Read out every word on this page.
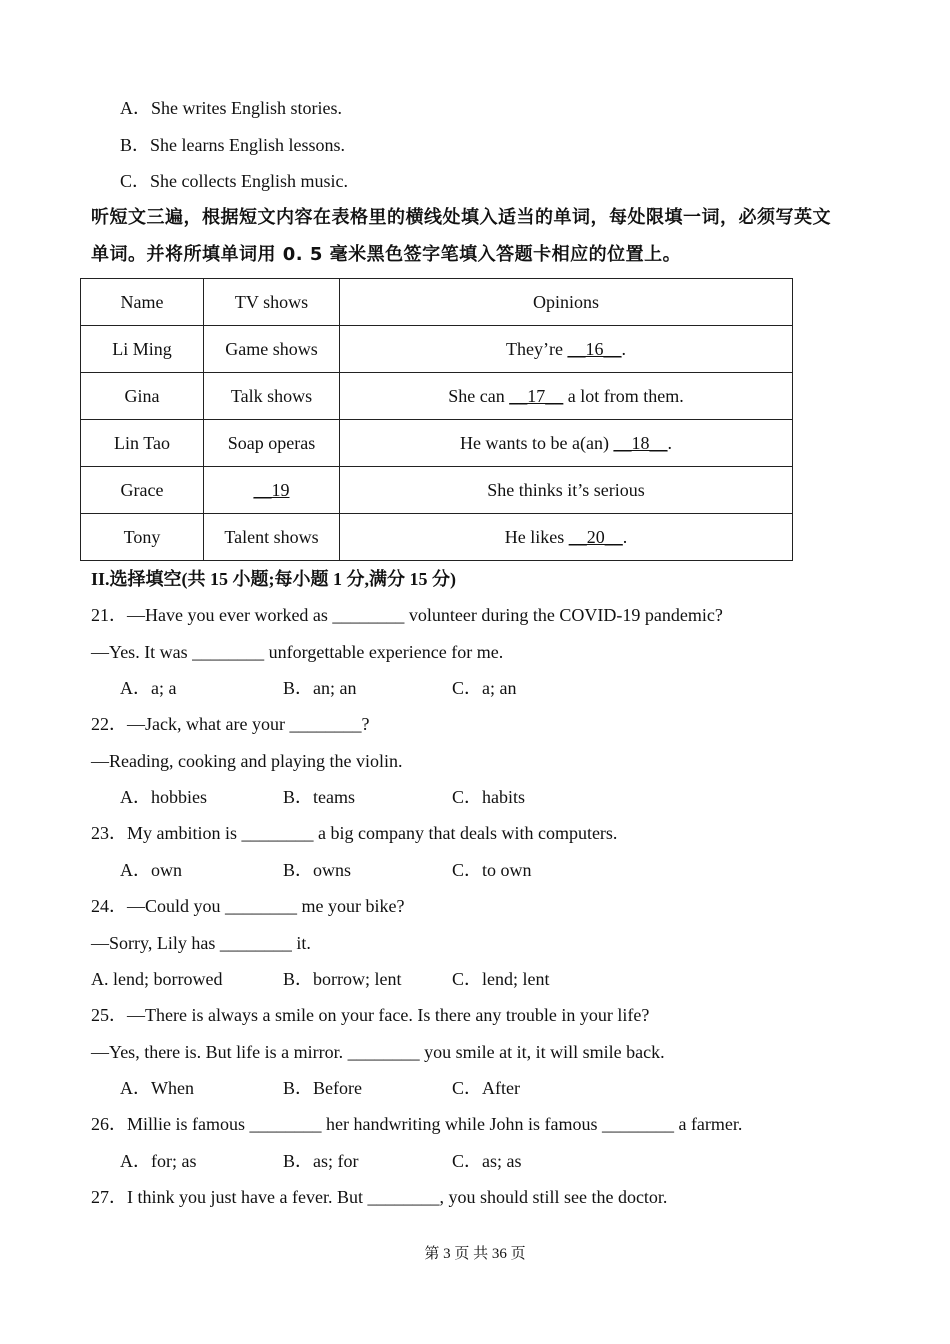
A．She writes English stories.
B．She learns English lessons.
C．She collects English music.
听短文三遍，根据短文内容在表格里的横线处填入适当的单词，每处限填一词，必须写英文
单词。并将所填单词用 0. 5 毫米黑色签字笔填入答题卡相应的位置上。
Name	TV shows	Opinions
Li Ming	Game shows	They’re __16__.
Gina	Talk shows	She can __17__ a lot from them.
Lin Tao	Soap operas	He wants to be a(an) __18__.
Grace	__19	She thinks it’s serious
Tony	Talent shows	He likes __20__.
II.选择填空(共 15 小题;每小题 1 分,满分 15 分)
21．—Have you ever worked as ________ volunteer during the COVID-19 pandemic?
—Yes. It was ________ unforgettable experience for me.
A．a; a	B．an; an	C．a; an
22．—Jack, what are your ________?
—Reading, cooking and playing the violin.
A．hobbies	B．teams	C．habits
23．My ambition is ________ a big company that deals with computers.
A．own	B．owns	C．to own
24．—Could you ________ me your bike?
—Sorry, Lily has ________ it.
A. lend; borrowed	B．borrow; lent	C．lend; lent
25．—There is always a smile on your face. Is there any trouble in your life?
—Yes, there is. But life is a mirror. ________ you smile at it, it will smile back.
A．When	B．Before	C．After
26．Millie is famous ________ her handwriting while John is famous ________ a farmer.
A．for; as	B．as; for	C．as; as
27．I think you just have a fever. But ________, you should still see the doctor.
第 3 页 共 36 页
